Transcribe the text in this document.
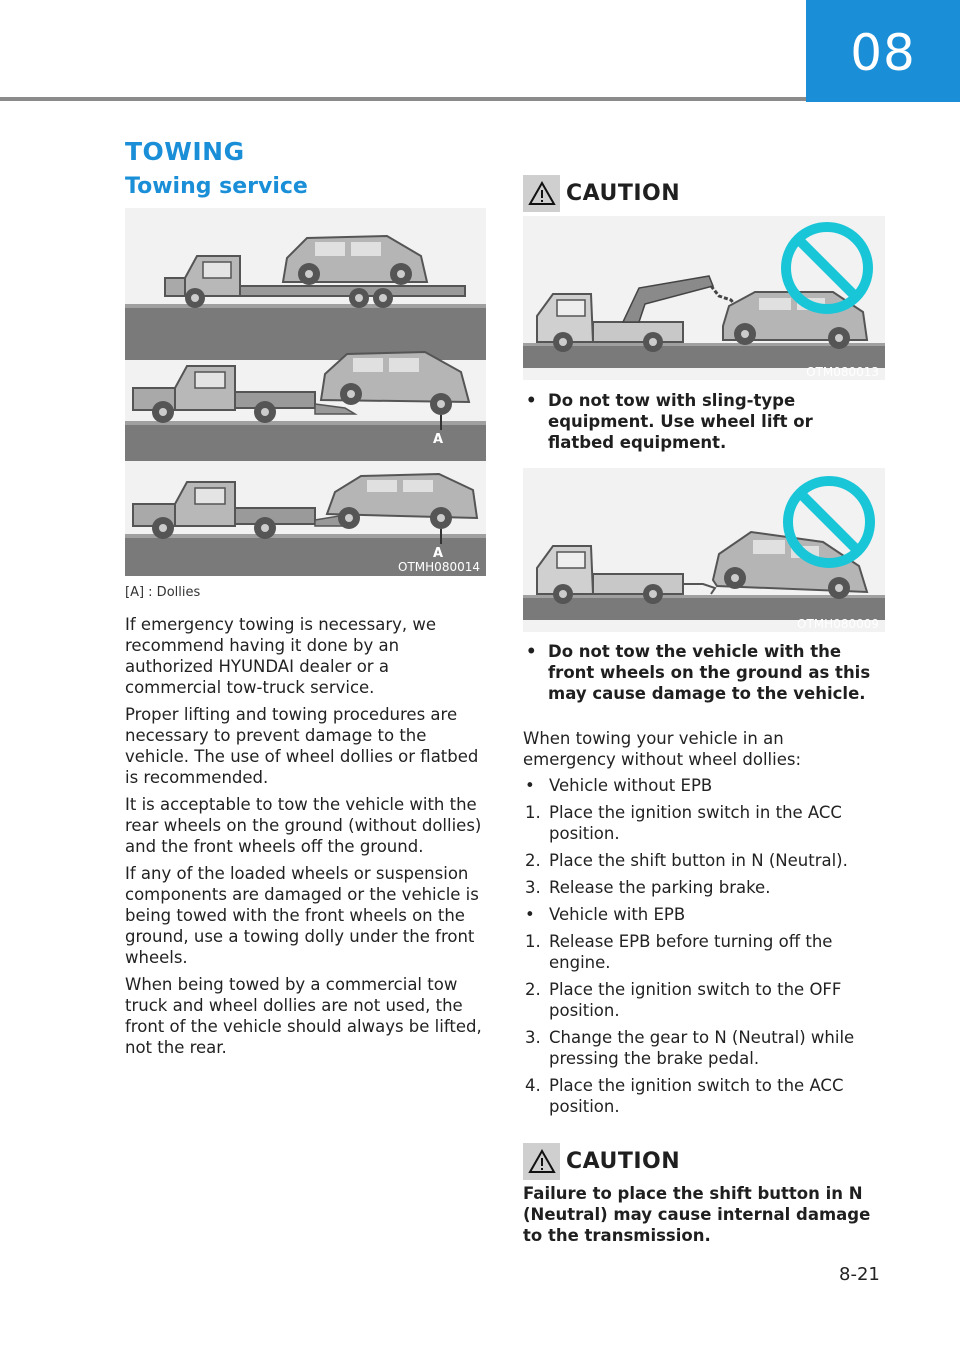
08
TOWING
Towing service
A
A
OTMH080014
[A] : Dollies

If emergency towing is necessary, we recommend having it done by an authorized HYUNDAI dealer or a commercial tow-truck service.

Proper lifting and towing procedures are necessary to prevent damage to the vehicle. The use of wheel dollies or flatbed is recommended.

It is acceptable to tow the vehicle with the rear wheels on the ground (without dollies) and the front wheels off the ground.

If any of the loaded wheels or suspension components are damaged or the vehicle is being towed with the front wheels on the ground, use a towing dolly under the front wheels.

When being towed by a commercial tow truck and wheel dollies are not used, the front of the vehicle should always be lifted, not the rear.

CAUTION
OTM080013
• Do not tow with sling-type equipment. Use wheel lift or flatbed equipment.
OTMH080009
• Do not tow the vehicle with the front wheels on the ground as this may cause damage to the vehicle.
When towing your vehicle in an emergency without wheel dollies:
• Vehicle without EPB
1. Place the ignition switch in the ACC position.
2. Place the shift button in N (Neutral).
3. Release the parking brake.
• Vehicle with EPB
1. Release EPB before turning off the engine.
2. Place the ignition switch to the OFF position.
3. Change the gear to N (Neutral) while pressing the brake pedal.
4. Place the ignition switch to the ACC position.
CAUTION
Failure to place the shift button in N (Neutral) may cause internal damage to the transmission.
8-21
